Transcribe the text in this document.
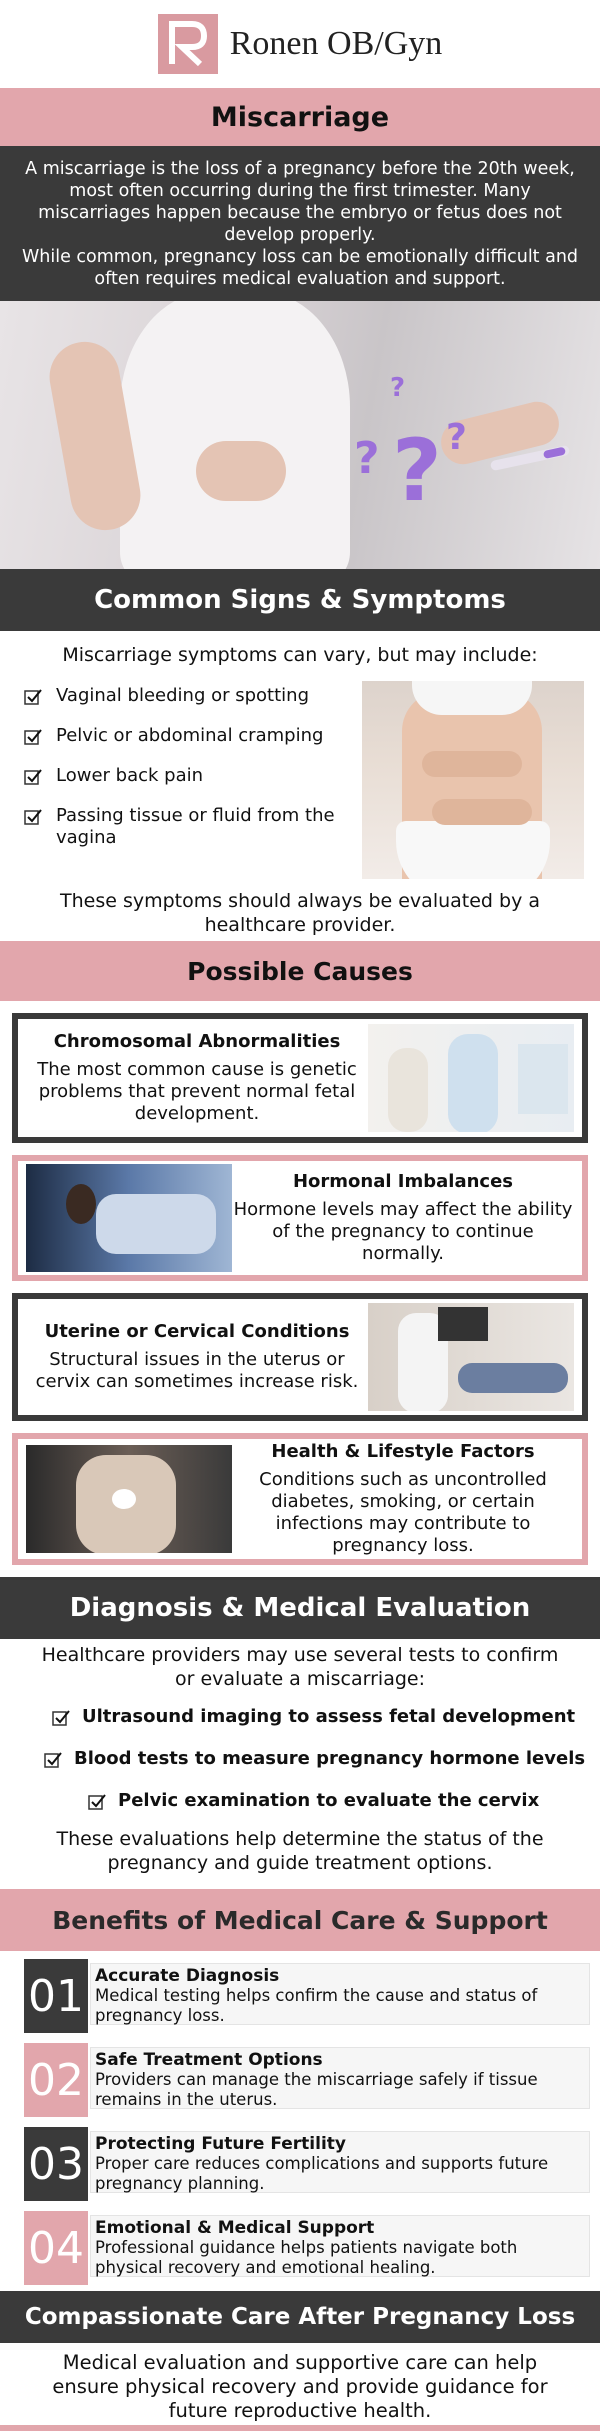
Ronen OB/Gyn
Miscarriage

A miscarriage is the loss of a pregnancy before the 20th week, most often occurring during the first trimester. Many miscarriages happen because the embryo or fetus does not develop properly.

While common, pregnancy loss can be emotionally difficult and often requires medical evaluation and support.

?
? ? ?
Common Signs & Symptoms
Miscarriage symptoms can vary, but may include:
Vaginal bleeding or spotting
Pelvic or abdominal cramping
Lower back pain
Passing tissue or fluid from the vagina
These symptoms should always be evaluated by a healthcare provider.
Possible Causes
Chromosomal Abnormalities
The most common cause is genetic problems that prevent normal fetal development.
Hormonal Imbalances
Hormone levels may affect the ability of the pregnancy to continue normally.
Uterine or Cervical Conditions
Structural issues in the uterus or cervix can sometimes increase risk.
Health & Lifestyle Factors
Conditions such as uncontrolled diabetes, smoking, or certain infections may contribute to pregnancy loss.
Diagnosis & Medical Evaluation
Healthcare providers may use several tests to confirm or evaluate a miscarriage:
Ultrasound imaging to assess fetal development
Blood tests to measure pregnancy hormone levels
Pelvic examination to evaluate the cervix
These evaluations help determine the status of the pregnancy and guide treatment options.
Benefits of Medical Care & Support
01 Accurate Diagnosis
Medical testing helps confirm the cause and status of pregnancy loss.
02 Safe Treatment Options
Providers can manage the miscarriage safely if tissue remains in the uterus.
03 Protecting Future Fertility
Proper care reduces complications and supports future pregnancy planning.
04 Emotional & Medical Support
Professional guidance helps patients navigate both physical recovery and emotional healing.
Compassionate Care After Pregnancy Loss
Medical evaluation and supportive care can help ensure physical recovery and provide guidance for future reproductive health.
